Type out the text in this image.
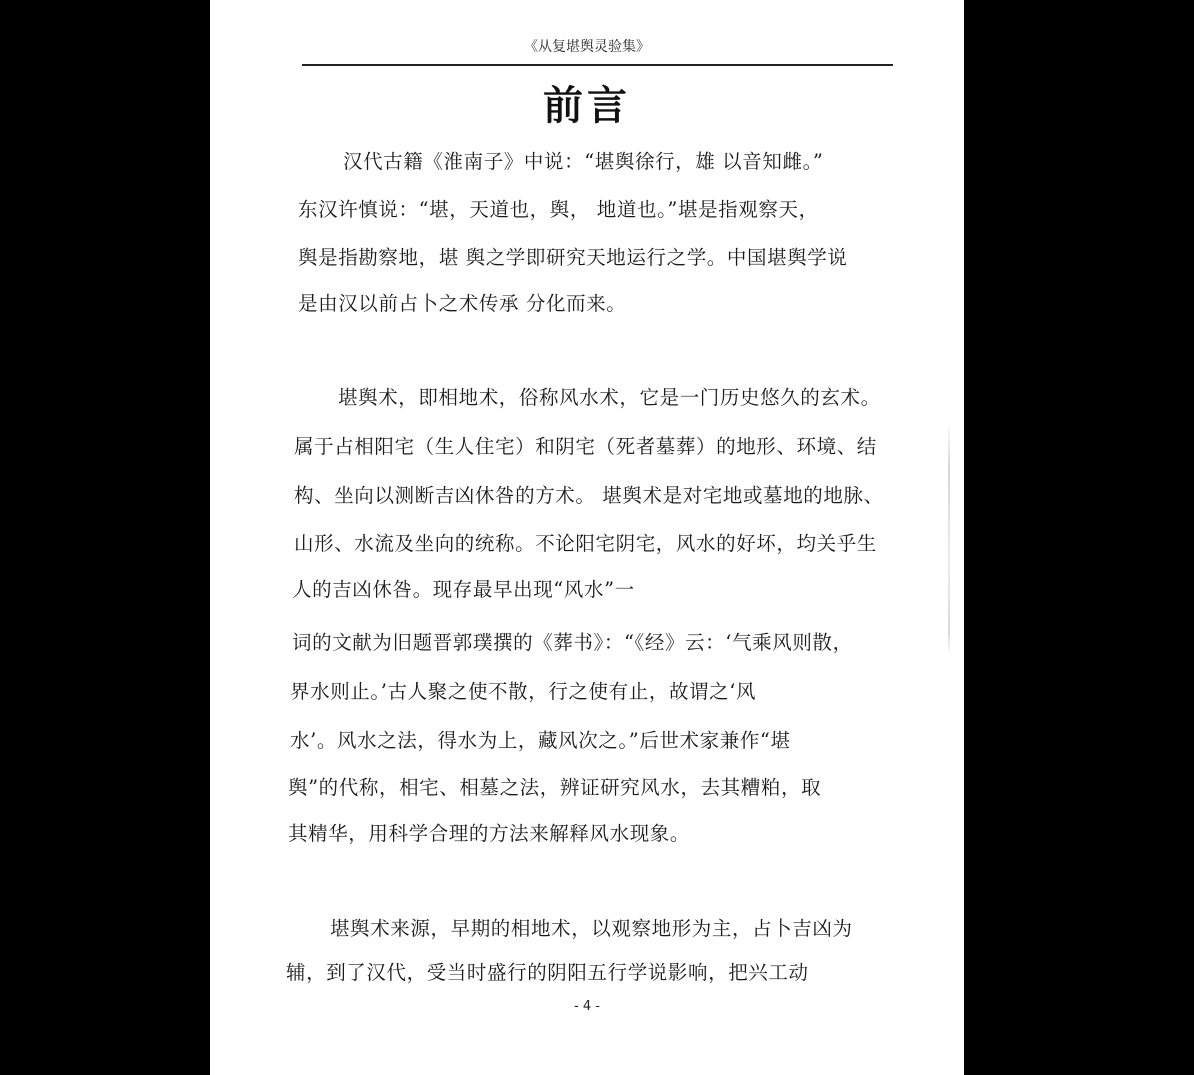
《从复堪舆灵验集》
前言
汉代古籍《淮南子》中说：“堪舆徐行，雄 以音知雌。”
东汉许慎说：“堪，天道也，舆， 地道也。”堪是指观察天，
舆是指勘察地，堪 舆之学即研究天地运行之学。中国堪舆学说
是由汉以前占卜之术传承 分化而来。
堪舆术，即相地术，俗称风水术，它是一门历史悠久的玄术。
属于占相阳宅（生人住宅）和阴宅（死者墓葬）的地形、环境、结
构、坐向以测断吉凶休咎的方术。 堪舆术是对宅地或墓地的地脉、
山形、水流及坐向的统称。不论阳宅阴宅，风水的好坏，均关乎生
人的吉凶休咎。现存最早出现“风水”一
词的文献为旧题晋郭璞撰的《葬书》：“《经》云：‘气乘风则散，
界水则止。’古人聚之使不散，行之使有止，故谓之‘风
水’。风水之法，得水为上，藏风次之。”后世术家兼作“堪
舆”的代称，相宅、相墓之法，辨证研究风水，去其糟粕，取
其精华，用科学合理的方法来解释风水现象。
堪舆术来源，早期的相地术，以观察地形为主，占卜吉凶为
辅，到了汉代，受当时盛行的阴阳五行学说影响，把兴工动
- 4 -
